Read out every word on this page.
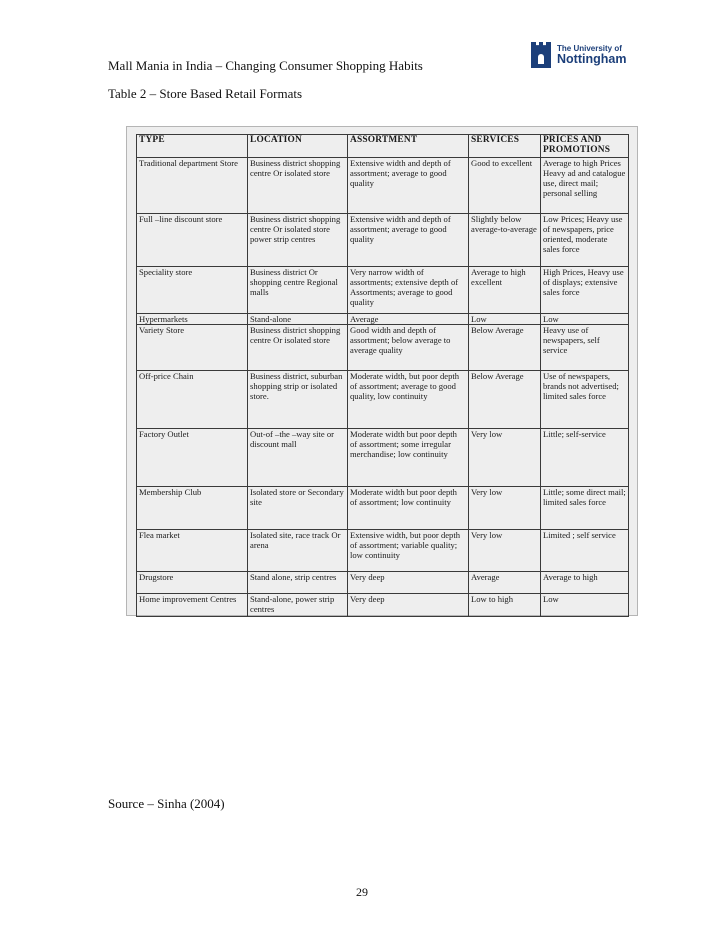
Mall Mania in India – Changing Consumer Shopping Habits
The University of
Nottingham
Table 2 – Store Based Retail Formats
TYPE	LOCATION	ASSORTMENT	SERVICES	PRICES AND PROMOTIONS
Traditional department Store	Business district shopping centre Or isolated store	Extensive width and depth of assortment; average to good quality	Good to excellent	Average to high Prices Heavy ad and catalogue use, direct mail; personal selling
Full –line discount store	Business district shopping centre Or isolated store power strip centres	Extensive width and depth of assortment; average to good quality	Slightly below average-to-average	Low Prices; Heavy use of newspapers, price oriented, moderate sales force
Speciality store	Business district Or shopping centre Regional malls	Very narrow width of assortments; extensive depth of Assortments; average to good quality	Average to high excellent	High Prices, Heavy use of displays; extensive sales force
Hypermarkets	Stand-alone	Average	Low	Low
Variety Store	Business district shopping centre Or isolated store	Good width and depth of assortment; below average to average quality	Below Average	Heavy use of newspapers, self service
Off-price Chain	Business district, suburban shopping strip or isolated store.	Moderate width, but poor depth of assortment; average to good quality, low continuity	Below Average	Use of newspapers, brands not advertised; limited sales force
Factory Outlet	Out-of –the –way site or discount mall	Moderate width but poor depth of assortment; some irregular merchandise; low continuity	Very low	Little; self-service
Membership Club	Isolated store or Secondary site	Moderate width but poor depth of assortment; low continuity	Very low	Little; some direct mail; limited sales force
Flea market	Isolated site, race track Or arena	Extensive width, but poor depth of assortment; variable quality; low continuity	Very low	Limited ; self service
Drugstore	Stand alone, strip centres	Very deep	Average	Average to high
Home improvement Centres	Stand-alone, power strip centres	Very deep	Low to high	Low
Source – Sinha (2004)
29
